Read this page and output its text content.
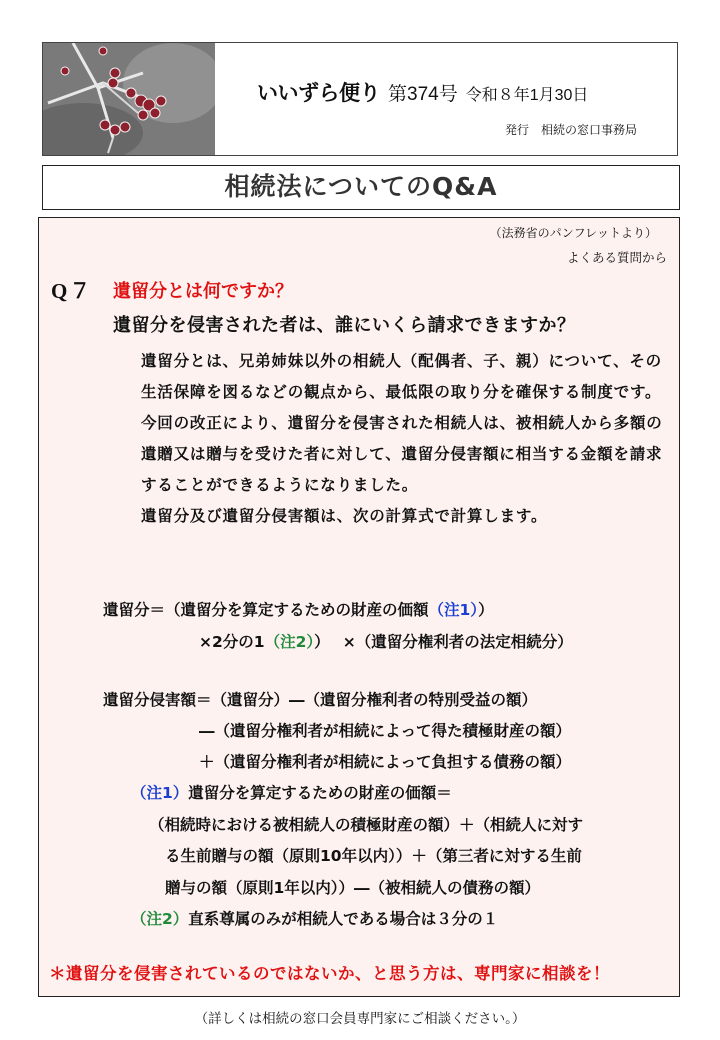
いいずら便り 第374号 令和８年1月30日
発行　相続の窓口事務局
相続法についてのQ&A
（法務省のパンフレットより）
よくある質問から
Q７ 遺留分とは何ですか？
遺留分を侵害された者は、誰にいくら請求できますか？

遺留分とは、兄弟姉妹以外の相続人（配偶者、子、親）について、その生活保障を図るなどの観点から、最低限の取り分を確保する制度です。

今回の改正により、遺留分を侵害された相続人は、被相続人から多額の遺贈又は贈与を受けた者に対して、遺留分侵害額に相当する金額を請求することができるようになりました。

遺留分及び遺留分侵害額は、次の計算式で計算します。

遺留分＝（遺留分を算定するための財産の価額（注1））
×2分の1（注2））　 ×（遺留分権利者の法定相続分）
遺留分侵害額＝（遺留分）―（遺留分権利者の特別受益の額）
―（遺留分権利者が相続によって得た積極財産の額）
＋（遺留分権利者が相続によって負担する債務の額）
（注1）遺留分を算定するための財産の価額＝
（相続時における被相続人の積極財産の額）＋（相続人に対す
る生前贈与の額（原則10年以内））＋（第三者に対する生前
贈与の額（原則1年以内））―（被相続人の債務の額）
（注2）直系尊属のみが相続人である場合は３分の１
＊遺留分を侵害されているのではないか、と思う方は、専門家に相談を！
（詳しくは相続の窓口会員専門家にご相談ください。）
